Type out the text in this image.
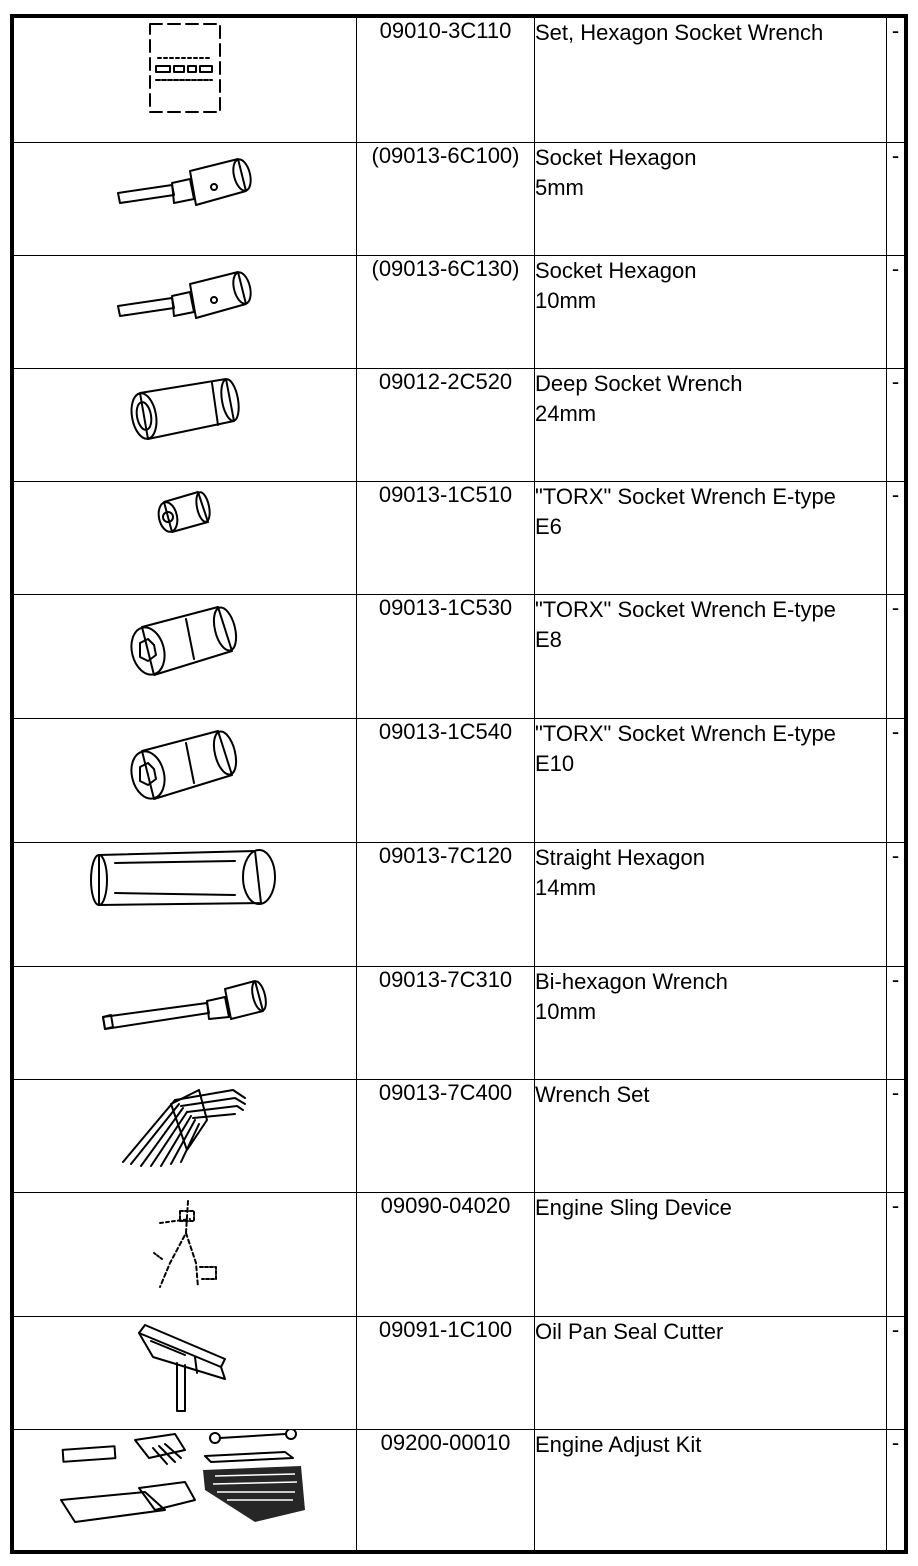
	09010-3C110	Set, Hexagon Socket Wrench	-

	(09013-6C100)	Socket Hexagon
5mm	-

	(09013-6C130)	Socket Hexagon
10mm	-

	09012-2C520	Deep Socket Wrench
24mm	-

	09013-1C510	"TORX" Socket Wrench E-type
E6	-

	09013-1C530	"TORX" Socket Wrench E-type
E8	-

	09013-1C540	"TORX" Socket Wrench E-type
E10	-

	09013-7C120	Straight Hexagon
14mm	-

	09013-7C310	Bi-hexagon Wrench
10mm	-

	09013-7C400	Wrench Set	-

	09090-04020	Engine Sling Device	-

	09091-1C100	Oil Pan Seal Cutter	-

	09200-00010	Engine Adjust Kit	-
